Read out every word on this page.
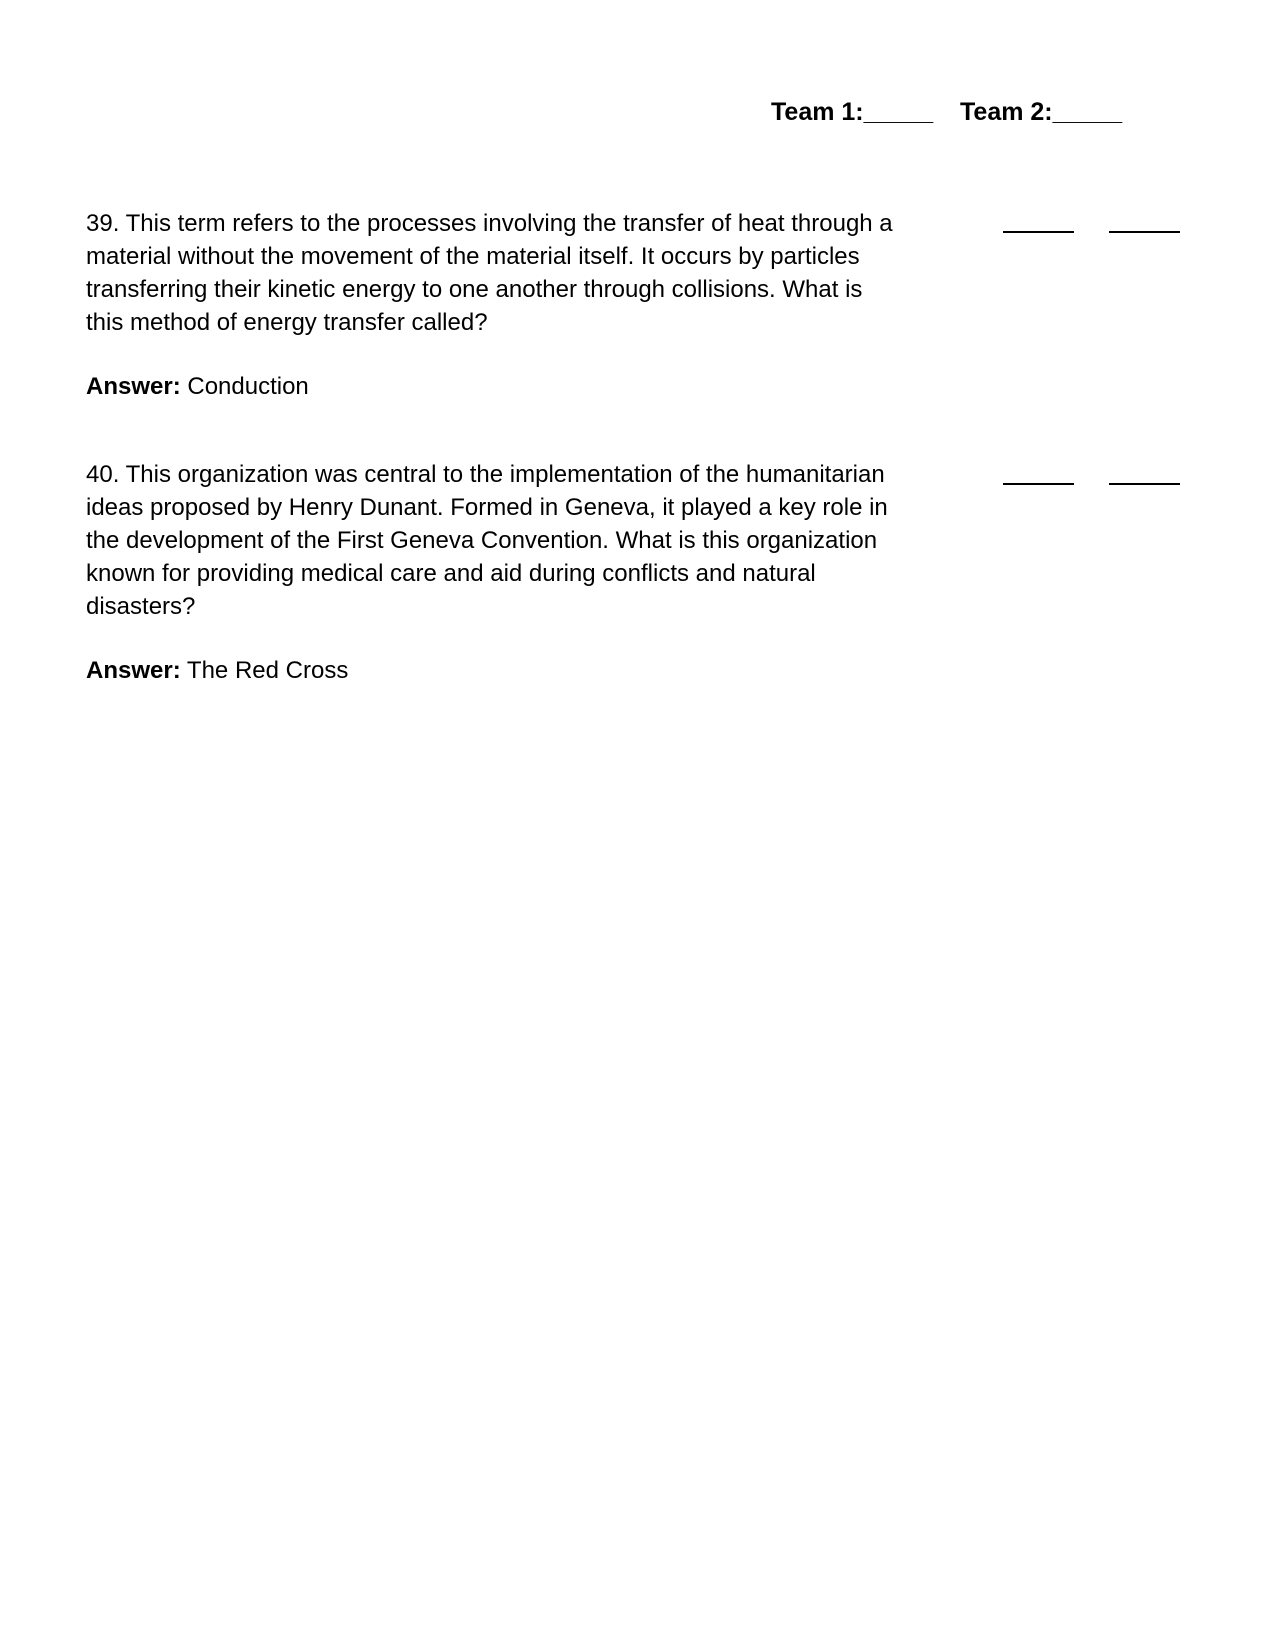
Team 1:_____ Team 2:_____

39. This term refers to the processes involving the transfer of heat through a material without the movement of the material itself. It occurs by particles transferring their kinetic energy to one another through collisions. What is this method of energy transfer called?

Answer: Conduction

40. This organization was central to the implementation of the humanitarian ideas proposed by Henry Dunant. Formed in Geneva, it played a key role in the development of the First Geneva Convention. What is this organization known for providing medical care and aid during conflicts and natural disasters?

Answer: The Red Cross
